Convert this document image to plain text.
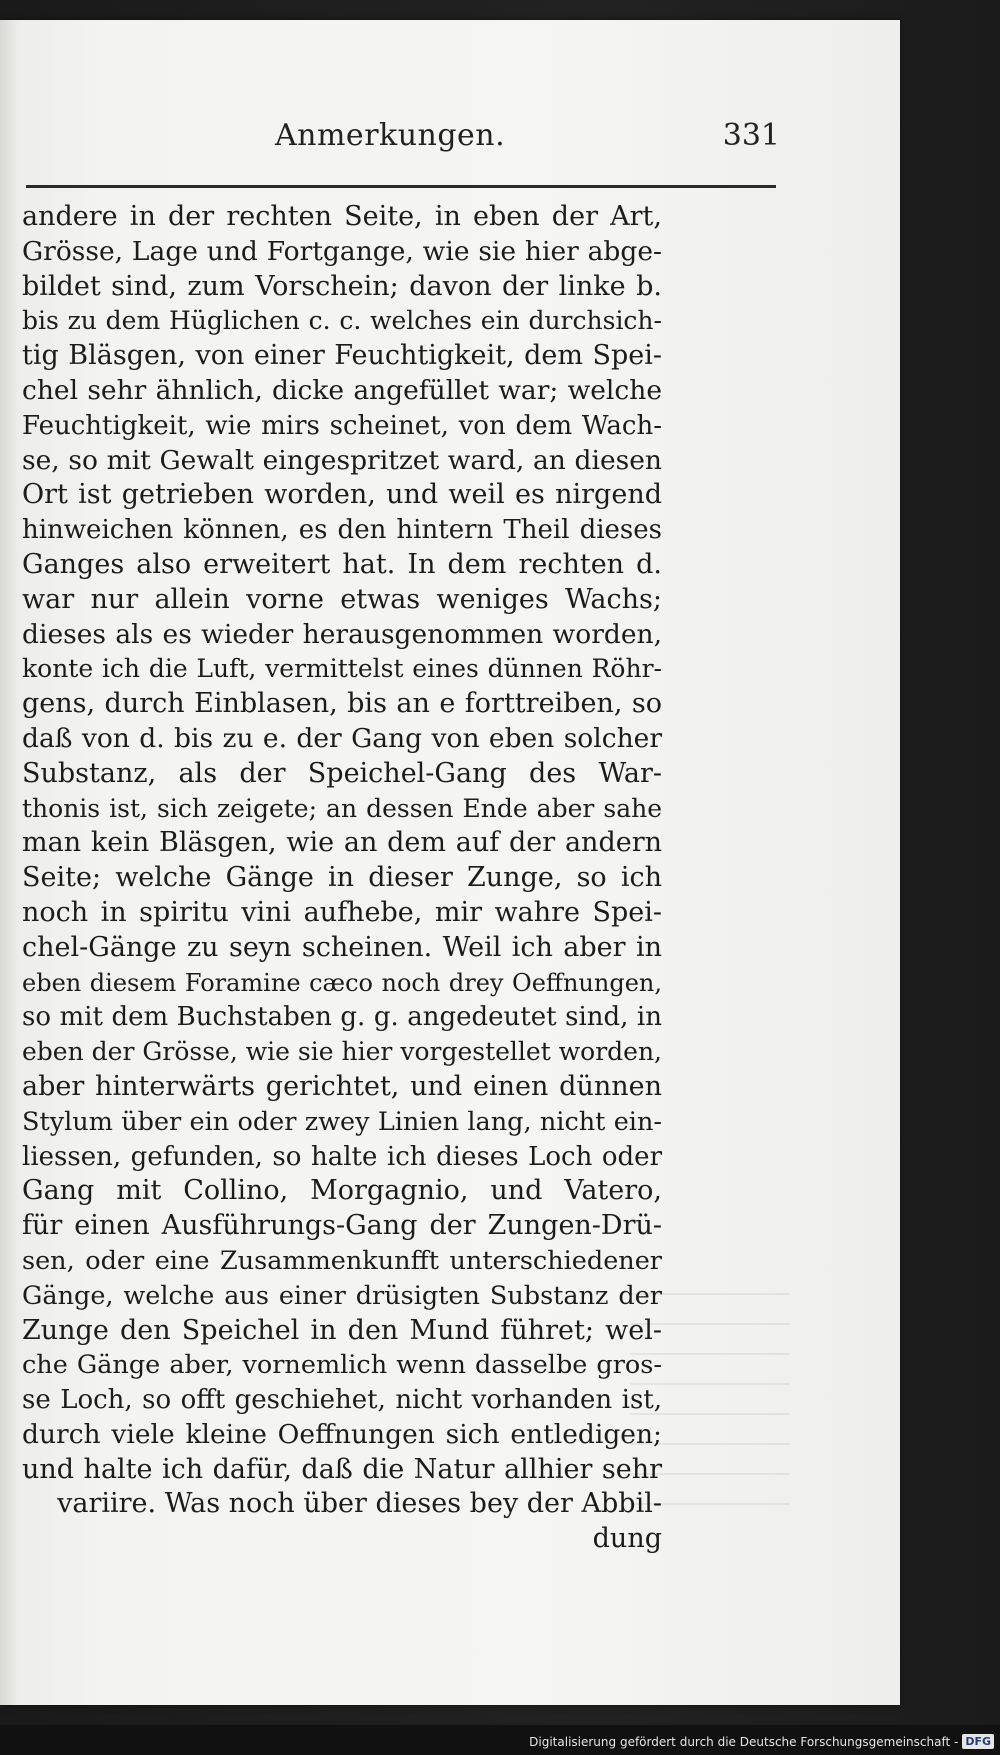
Anmerkungen.	331
andere in der rechten Seite, in eben der Art,
Grösse, Lage und Fortgange, wie sie hier abge-
bildet sind, zum Vorschein; davon der linke b.
bis zu dem Hüglichen c. c. welches ein durchsich-
tig Bläsgen, von einer Feuchtigkeit, dem Spei-
chel sehr ähnlich, dicke angefüllet war; welche
Feuchtigkeit, wie mirs scheinet, von dem Wach-
se, so mit Gewalt eingespritzet ward, an diesen
Ort ist getrieben worden, und weil es nirgend
hinweichen können, es den hintern Theil dieses
Ganges also erweitert hat. In dem rechten d.
war nur allein vorne etwas weniges Wachs;
dieses als es wieder herausgenommen worden,
konte ich die Luft, vermittelst eines dünnen Röhr-
gens, durch Einblasen, bis an e forttreiben, so
daß von d. bis zu e. der Gang von eben solcher
Substanz, als der Speichel-Gang des War-
thonis ist, sich zeigete; an dessen Ende aber sahe
man kein Bläsgen, wie an dem auf der andern
Seite; welche Gänge in dieser Zunge, so ich
noch in spiritu vini aufhebe, mir wahre Spei-
chel-Gänge zu seyn scheinen. Weil ich aber in
eben diesem Foramine cæco noch drey Oeffnungen,
so mit dem Buchstaben g. g. angedeutet sind, in
eben der Grösse, wie sie hier vorgestellet worden,
aber hinterwärts gerichtet, und einen dünnen
Stylum über ein oder zwey Linien lang, nicht ein-
liessen, gefunden, so halte ich dieses Loch oder
Gang mit Collino, Morgagnio, und Vatero,
für einen Ausführungs-Gang der Zungen-Drü-
sen, oder eine Zusammenkunfft unterschiedener
Gänge, welche aus einer drüsigten Substanz der
Zunge den Speichel in den Mund führet; wel-
che Gänge aber, vornemlich wenn dasselbe gros-
se Loch, so offt geschiehet, nicht vorhanden ist,
durch viele kleine Oeffnungen sich entledigen;
und halte ich dafür, daß die Natur allhier sehr
variire. Was noch über dieses bey der Abbil-
dung
Digitalisierung gefördert durch die Deutsche Forschungsgemeinschaft - DFG
